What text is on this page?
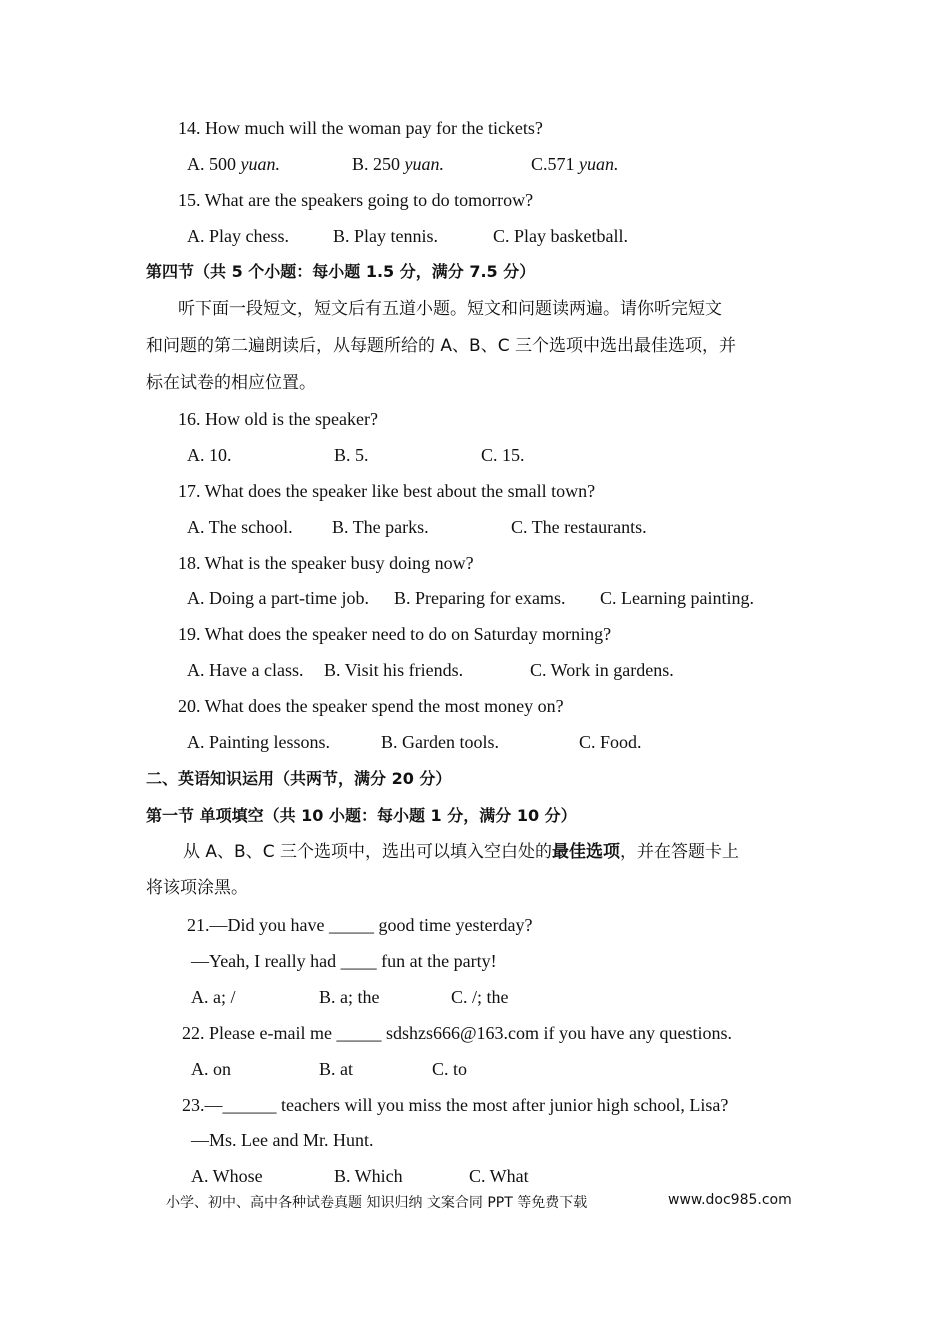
14. How much will the woman pay for the tickets?
A. 500 yuan.	B. 250 yuan.	C.571 yuan.
15. What are the speakers going to do tomorrow?
A. Play chess. B. Play tennis.	C. Play basketball.
第四节（共 5 个小题：每小题 1.5 分，满分 7.5 分）
听下面一段短文，短文后有五道小题。短文和问题读两遍。请你听完短文
和问题的第二遍朗读后，从每题所给的 A、B、C 三个选项中选出最佳选项，并
标在试卷的相应位置。
16. How old is the speaker?
A. 10.	B. 5.	C. 15.
17. What does the speaker like best about the small town?
A. The school. B. The parks.	C. The restaurants.
18. What is the speaker busy doing now?
A. Doing a part-time job. B. Preparing for exams. C. Learning painting.
19. What does the speaker need to do on Saturday morning?
A. Have a class. B. Visit his friends.	C. Work in gardens.
20. What does the speaker spend the most money on?
A. Painting lessons.	B. Garden tools.	C. Food.
二、英语知识运用（共两节，满分 20 分）
第一节 单项填空（共 10 小题：每小题 1 分，满分 10 分）
从 A、B、C 三个选项中，选出可以填入空白处的最佳选项，并在答题卡上
将该项涂黑。
21.—Did you have _____ good time yesterday?
—Yeah, I really had ____ fun at the party!
A. a; /	B. a; the	C. /; the
22. Please e-mail me _____ sdshzs666@163.com if you have any questions.
A. on	B. at	C. to
23.—______ teachers will you miss the most after junior high school, Lisa?
—Ms. Lee and Mr. Hunt.
A. Whose	B. Which	C. What
小学、初中、高中各种试卷真题 知识归纳 文案合同 PPT 等免费下载	www.doc985.com
